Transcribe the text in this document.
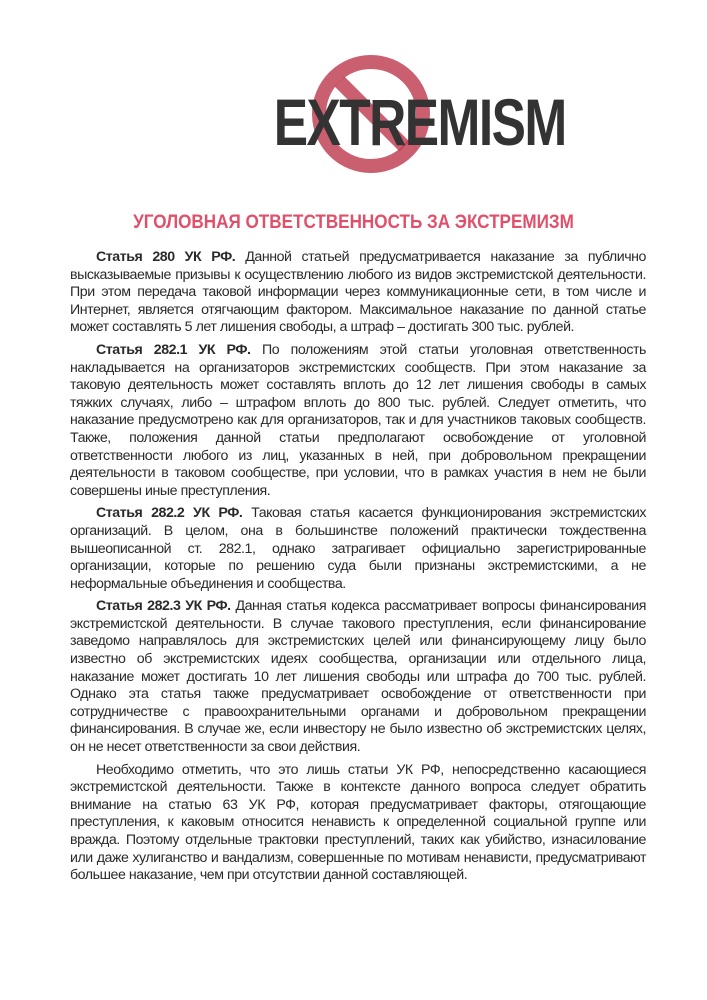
EXTREMISM
УГОЛОВНАЯ ОТВЕТСТВЕННОСТЬ ЗА ЭКСТРЕМИЗМ

Статья 280 УК РФ. Данной статьей предусматривается наказание за публично высказываемые призывы к осуществлению любого из видов экстремистской деятельности. При этом передача таковой информации через коммуникационные сети, в том числе и Интернет, является отягчающим фактором. Максимальное наказание по данной статье может составлять 5 лет лишения свободы, а штраф – достигать 300 тыс. рублей.

Статья 282.1 УК РФ. По положениям этой статьи уголовная ответственность накладывается на организаторов экстремистских сообществ. При этом наказание за таковую деятельность может составлять вплоть до 12 лет лишения свободы в самых тяжких случаях, либо – штрафом вплоть до 800 тыс. рублей. Следует отметить, что наказание предусмотрено как для организаторов, так и для участников таковых сообществ. Также, положения данной статьи предполагают освобождение от уголовной ответственности любого из лиц, указанных в ней, при добровольном прекращении деятельности в таковом сообществе, при условии, что в рамках участия в нем не были совершены иные преступления.

Статья 282.2 УК РФ. Таковая статья касается функционирования экстремистских организаций. В целом, она в большинстве положений практически тождественна вышеописанной ст. 282.1, однако затрагивает официально зарегистрированные организации, которые по решению суда были признаны экстремистскими, а не неформальные объединения и сообщества.

Статья 282.3 УК РФ. Данная статья кодекса рассматривает вопросы финансирования экстремистской деятельности. В случае такового преступления, если финансирование заведомо направлялось для экстремистских целей или финансирующему лицу было известно об экстремистских идеях сообщества, организации или отдельного лица, наказание может достигать 10 лет лишения свободы или штрафа до 700 тыс. рублей. Однако эта статья также предусматривает освобождение от ответственности при сотрудничестве с правоохранительными органами и добровольном прекращении финансирования. В случае же, если инвестору не было известно об экстремистских целях, он не несет ответственности за свои действия.

Необходимо отметить, что это лишь статьи УК РФ, непосредственно касающиеся экстремистской деятельности. Также в контексте данного вопроса следует обратить внимание на статью 63 УК РФ, которая предусматривает факторы, отягощающие преступления, к каковым относится ненависть к определенной социальной группе или вражда. Поэтому отдельные трактовки преступлений, таких как убийство, изнасилование или даже хулиганство и вандализм, совершенные по мотивам ненависти, предусматривают большее наказание, чем при отсутствии данной составляющей.
